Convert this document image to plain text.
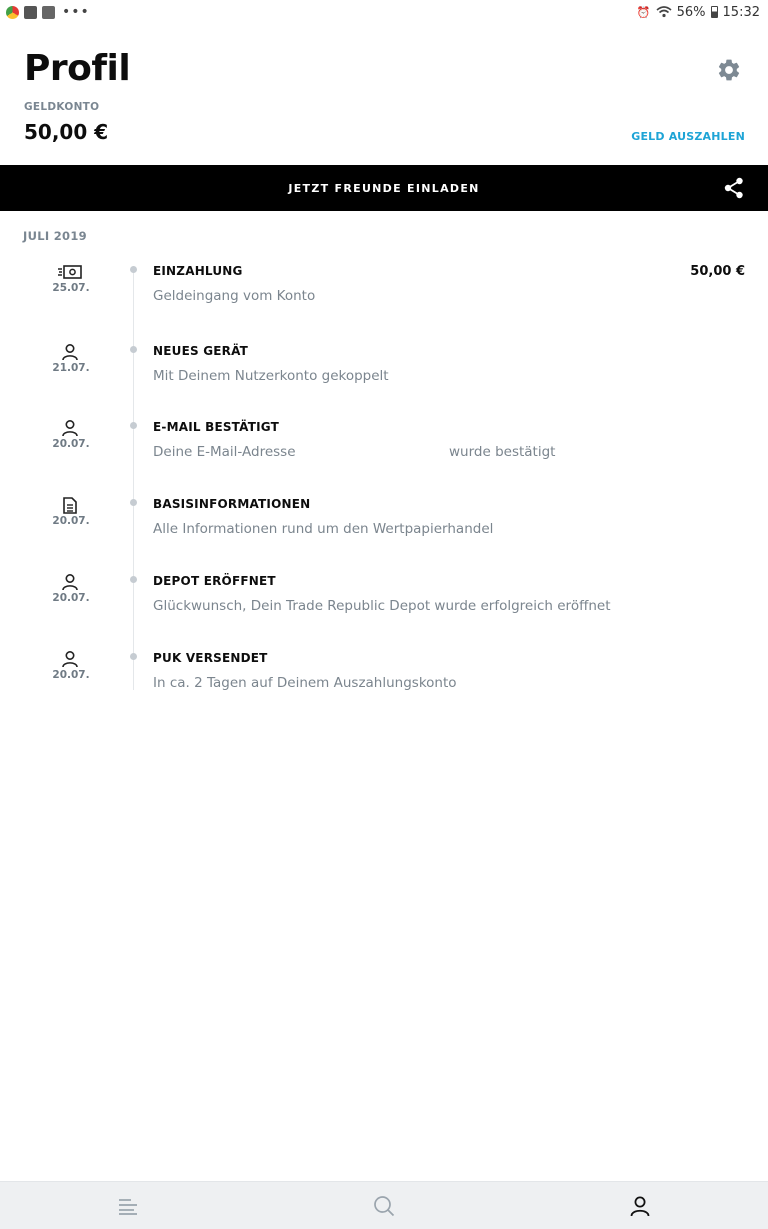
•••	⏰ 56% 15:32
Profil
GELDKONTO
50,00 €	GELD AUSZAHLEN
JETZT FREUNDE EINLADEN
JULI 2019
25.07.
EINZAHLUNG
Geldeingang vom Konto
50,00 €
21.07.
NEUES GERÄT
Mit Deinem Nutzerkonto gekoppelt
20.07.
E-MAIL BESTÄTIGT
Deine E-Mail-Adresse	wurde bestätigt
20.07.
BASISINFORMATIONEN
Alle Informationen rund um den Wertpapierhandel
20.07.
DEPOT ERÖFFNET
Glückwunsch, Dein Trade Republic Depot wurde erfolgreich eröffnet
20.07.
PUK VERSENDET
In ca. 2 Tagen auf Deinem Auszahlungskonto
